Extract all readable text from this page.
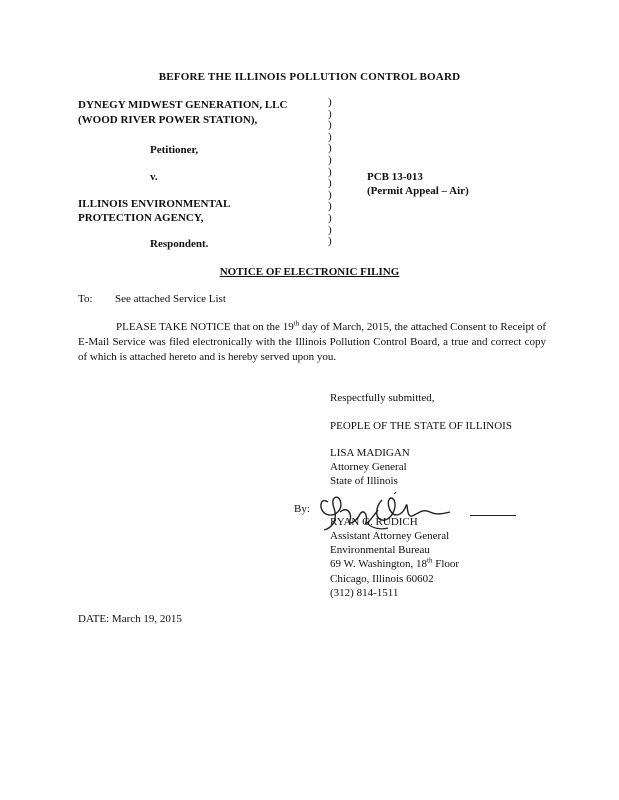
BEFORE THE ILLINOIS POLLUTION CONTROL BOARD
DYNEGY MIDWEST GENERATION, LLC
(WOOD RIVER POWER STATION),
Petitioner,
v.
ILLINOIS ENVIRONMENTAL
PROTECTION AGENCY,
Respondent.
)
)
)
)
)
)
)
)
)
)
)
)
)
PCB 13-013
(Permit Appeal – Air)
NOTICE OF ELECTRONIC FILING
To: See attached Service List
PLEASE TAKE NOTICE that on the 19th day of March, 2015, the attached Consent to Receipt of E-Mail Service was filed electronically with the Illinois Pollution Control Board, a true and correct copy of which is attached hereto and is hereby served upon you.
Respectfully submitted,
PEOPLE OF THE STATE OF ILLINOIS
LISA MADIGAN
Attorney General
State of Illinois
By:
RYAN G. RUDICH
Assistant Attorney General
Environmental Bureau
69 W. Washington, 18th Floor
Chicago, Illinois 60602
(312) 814-1511
DATE: March 19, 2015
